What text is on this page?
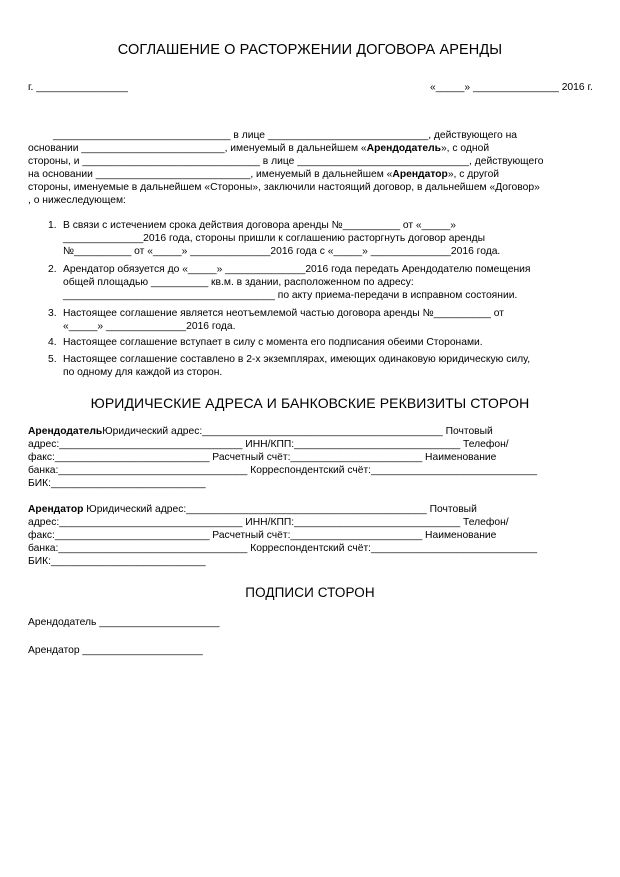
СОГЛАШЕНИЕ О РАСТОРЖЕНИИ ДОГОВОРА АРЕНДЫ
г. ________________	«_____» _______________ 2016 г.
_______________________________ в лице ____________________________, действующего на
основании _________________________, именуемый в дальнейшем «Арендодатель», с одной
стороны, и _______________________________ в лице ______________________________, действующего
на основании ___________________________, именуемый в дальнейшем «Арендатор», с другой
стороны, именуемые в дальнейшем «Стороны», заключили настоящий договор, в дальнейшем «Договор»
, о нижеследующем:
1. В связи с истечением срока действия договора аренды №__________ от «_____»
______________2016 года, стороны пришли к соглашению расторгнуть договор аренды
№__________ от «_____» ______________2016 года с «_____» ______________2016 года.
2. Арендатор обязуется до «_____» ______________2016 года передать Арендодателю помещения
общей площадью __________ кв.м. в здании, расположенном по адресу:
_____________________________________ по акту приема-передачи в исправном состоянии.
3. Настоящее соглашение является неотъемлемой частью договора аренды №__________ от
«_____» ______________2016 года.
4. Настоящее соглашение вступает в силу с момента его подписания обеими Сторонами.
5. Настоящее соглашение составлено в 2-х экземплярах, имеющих одинаковую юридическую силу,
по одному для каждой из сторон.
ЮРИДИЧЕСКИЕ АДРЕСА И БАНКОВСКИЕ РЕКВИЗИТЫ СТОРОН
АрендодательЮридический адрес:__________________________________________ Почтовый
адрес:________________________________ ИНН/КПП:_____________________________ Телефон/
факс:___________________________ Расчетный счёт:_______________________ Наименование
банка:_________________________________ Корреспондентский счёт:_____________________________
БИК:___________________________
Арендатор Юридический адрес:__________________________________________ Почтовый
адрес:________________________________ ИНН/КПП:_____________________________ Телефон/
факс:___________________________ Расчетный счёт:_______________________ Наименование
банка:_________________________________ Корреспондентский счёт:_____________________________
БИК:___________________________
ПОДПИСИ СТОРОН
Арендодатель _____________________
Арендатор _____________________
